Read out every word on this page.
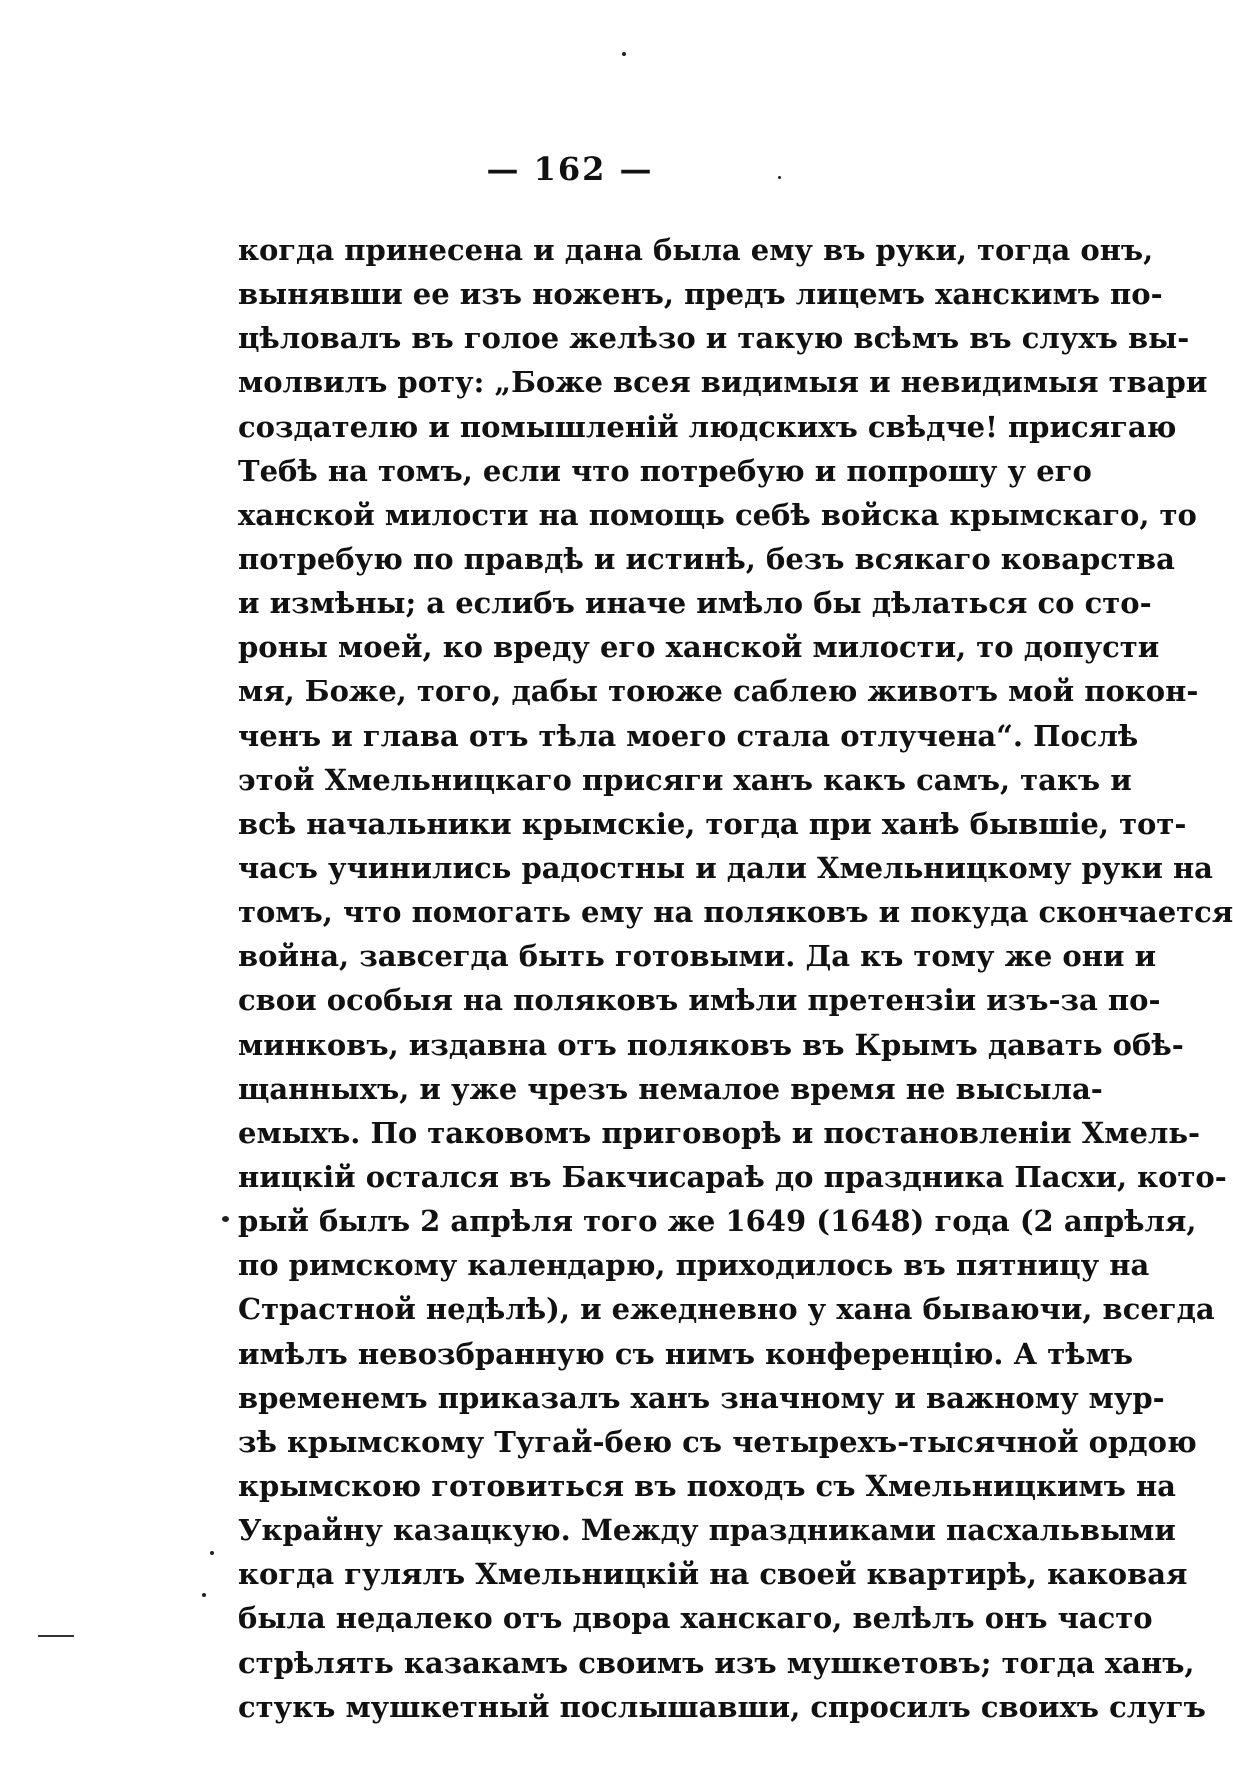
— 162 —
когда принесена и дана была ему въ руки, тогда онъ,
вынявши ее изъ ноженъ, предъ лицемъ ханскимъ по-
цѣловалъ въ голое желѣзо и такую всѣмъ въ слухъ вы-
молвилъ роту: „Боже всея видимыя и невидимыя твари
создателю и помышленiй людскихъ свѣдче! присягаю
Тебѣ на томъ, если что потребую и попрошу у его
ханской милости на помощь себѣ войска крымскаго, то
потребую по правдѣ и истинѣ, безъ всякаго коварства
и измѣны; а еслибъ иначе имѣло бы дѣлаться со сто-
роны моей, ко вреду его ханской милости, то допусти
мя, Боже, того, дабы тоюже саблею животъ мой покон-
ченъ и глава отъ тѣла моего стала отлучена“. Послѣ
этой Хмельницкаго присяги ханъ какъ самъ, такъ и
всѣ начальники крымскiе, тогда при ханѣ бывшiе, тот-
часъ учинились радостны и дали Хмельницкому руки на
томъ, что помогать ему на поляковъ и покуда скончается
война, завсегда быть готовыми. Да къ тому же они и
свои особыя на поляковъ имѣли претензiи изъ-за по-
минковъ, издавна отъ поляковъ въ Крымъ давать обѣ-
щанныхъ, и уже чрезъ немалое время не высыла-
емыхъ. По таковомъ приговорѣ и постановленiи Хмель-
ницкiй остался въ Бакчисараѣ до праздника Пасхи, кото-
рый былъ 2 апрѣля того же 1649 (1648) года (2 апрѣля,
по римскому календарю, приходилось въ пятницу на
Страстной недѣлѣ), и ежедневно у хана бываючи, всегда
имѣлъ невозбранную съ нимъ конференцiю. А тѣмъ
временемъ приказалъ ханъ значному и важному мур-
зѣ крымскому Тугай-бею съ четырехъ-тысячной ордою
крымскою готовиться въ походъ съ Хмельницкимъ на
Украйну казацкую. Между праздниками пасхальвыми
когда гулялъ Хмельницкiй на своей квартирѣ, каковая
была недалеко отъ двора ханскаго, велѣлъ онъ часто
стрѣлять казакамъ своимъ изъ мушкетовъ; тогда ханъ,
стукъ мушкетный послышавши, спросилъ своихъ слугъ
